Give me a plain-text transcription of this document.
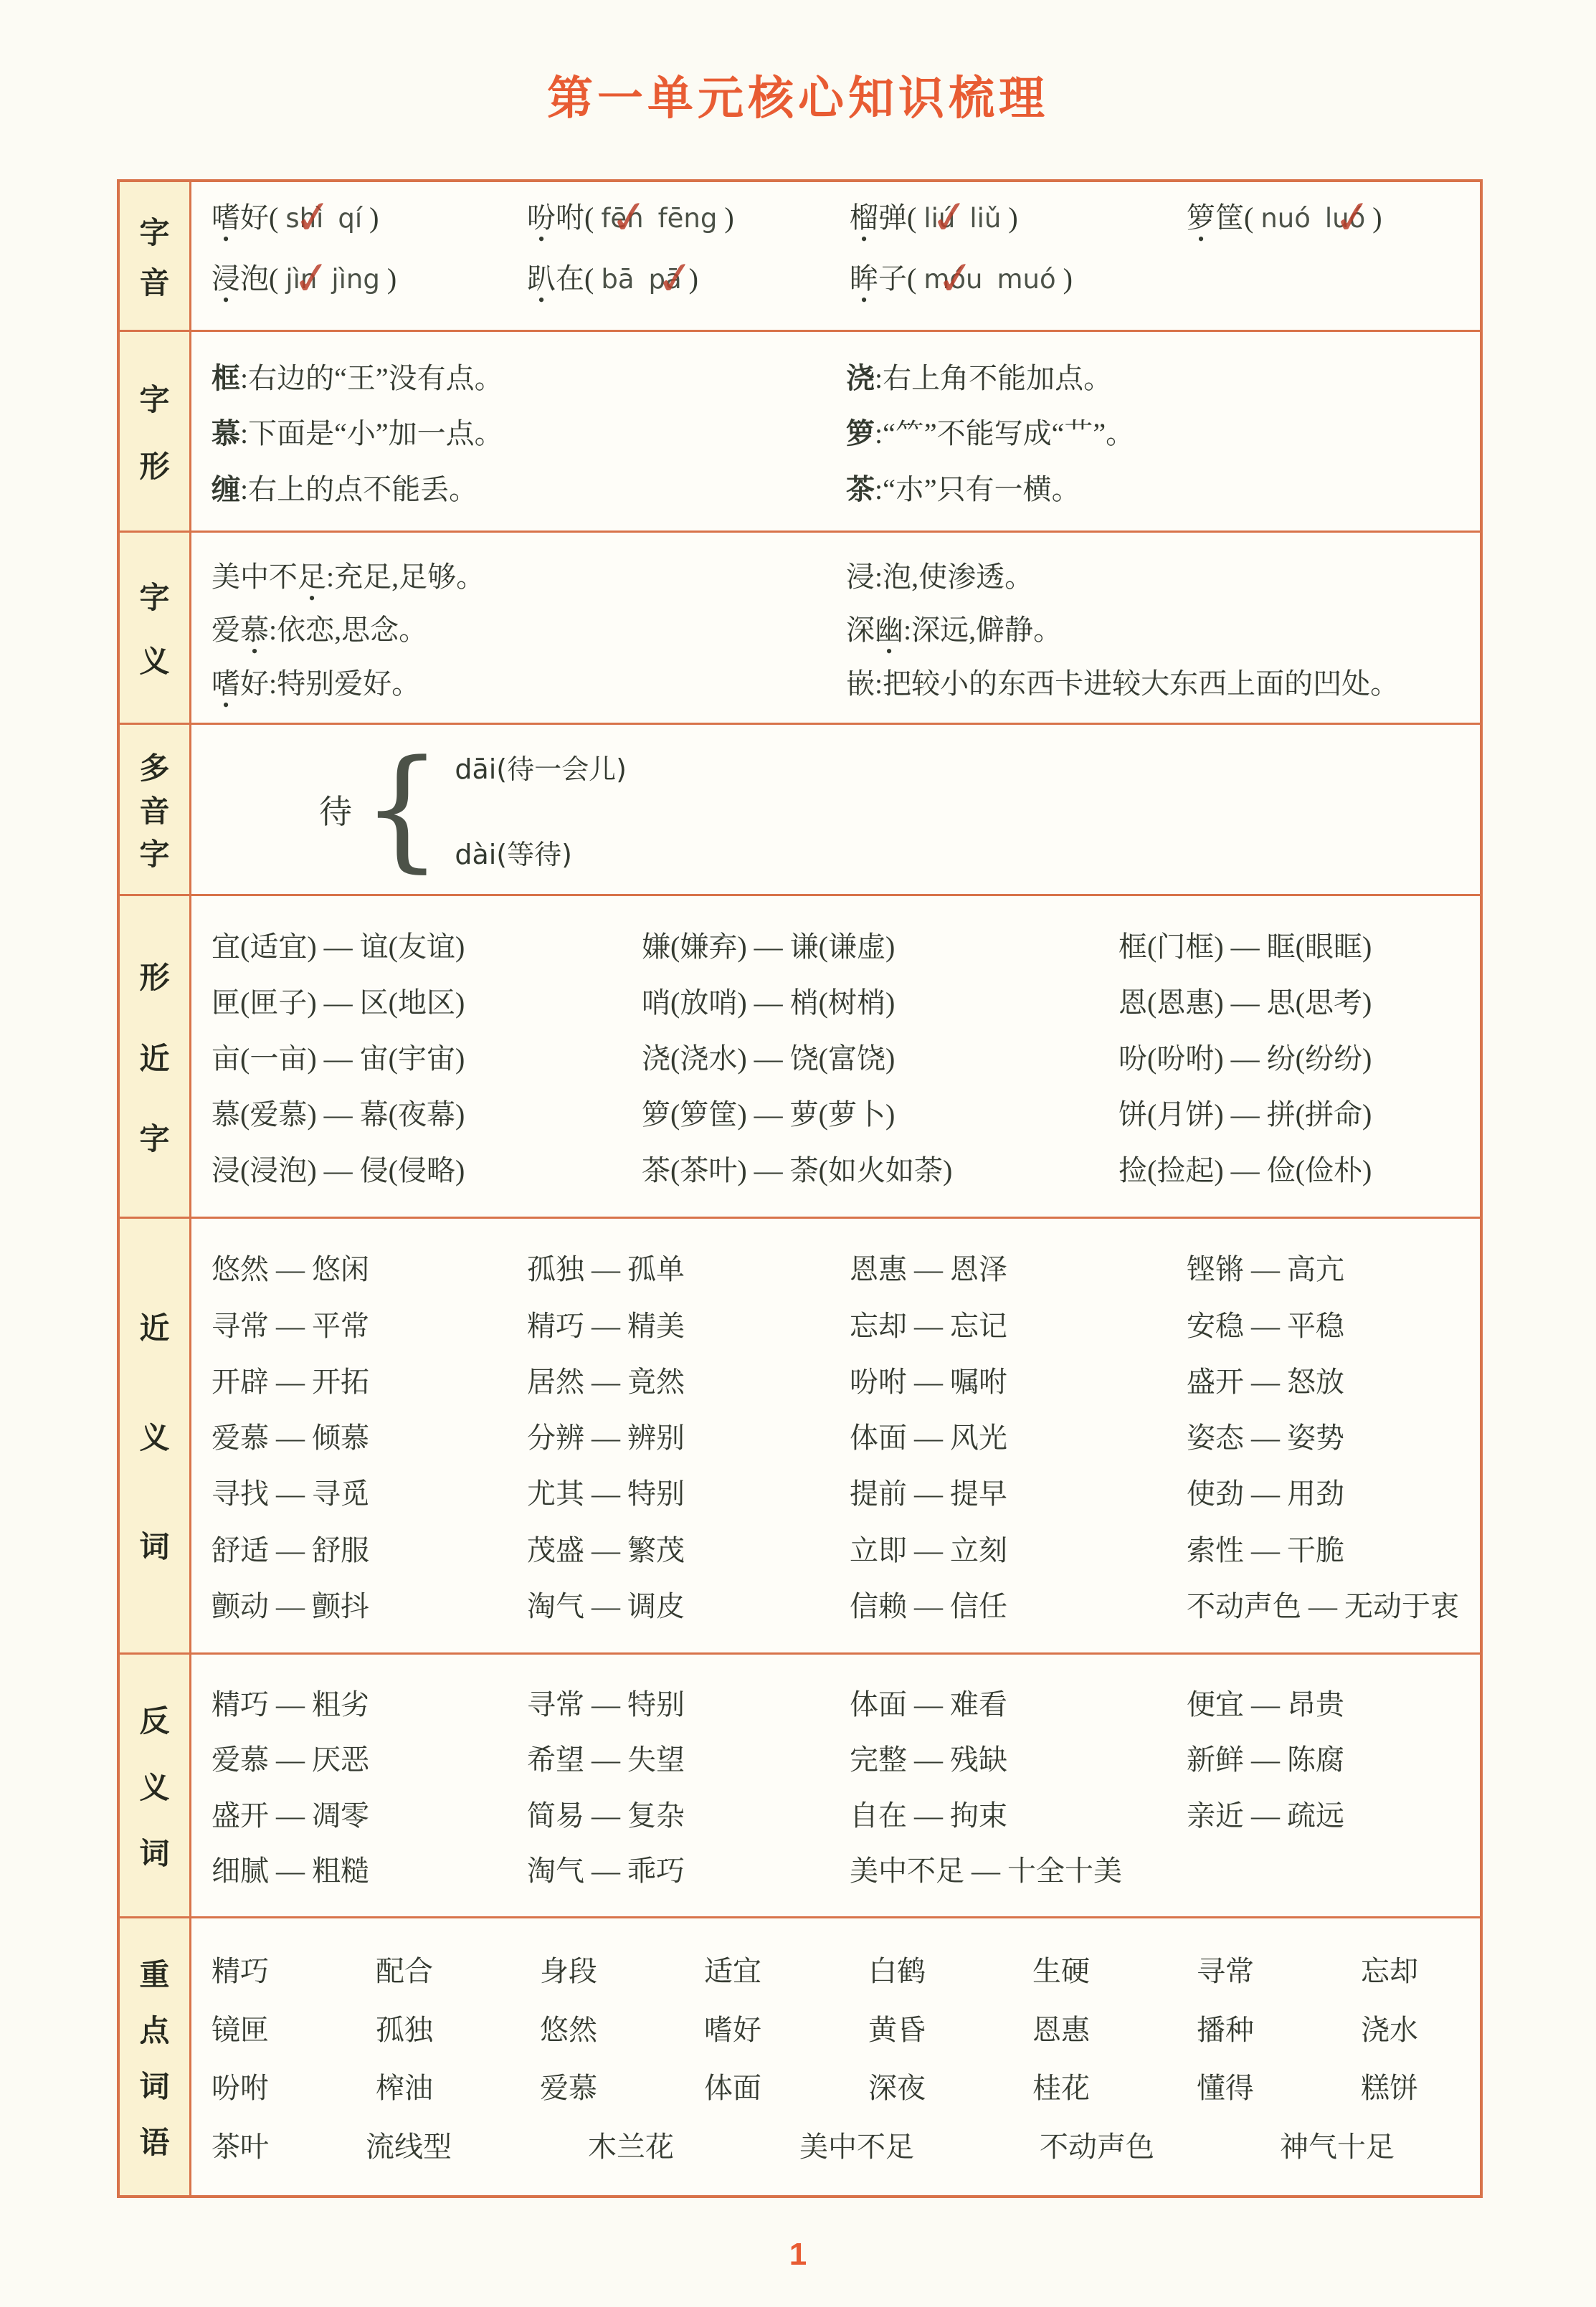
第一单元核心知识梳理
字
音
嗜好( shì ✓ qí )	吩咐( fēn ✓ fēng )	榴弹( liú ✓ liǔ )	箩筐( nuó luó ✓ )
浸泡( jìn ✓ jìng )	趴在( bā pā ✓ )	眸子( móu ✓ muó )
字
形
框:右边的“王”没有点。	浇:右上角不能加点。
慕:下面是“小”加一点。	箩:“⺮”不能写成“艹”。
缠:右上的点不能丢。	茶:“朩”只有一横。
字
义
美中不足:充足,足够。	浸:泡,使渗透。
爱慕:依恋,思念。	深幽:深远,僻静。
嗜好:特别爱好。	嵌:把较小的东西卡进较大东西上面的凹处。
多
音
字
待 { dāi(待一会儿)
dài(等待)
形
近
字
宜(适宜) — 谊(友谊)	嫌(嫌弃) — 谦(谦虚)	框(门框) — 眶(眼眶)
匣(匣子) — 区(地区)	哨(放哨) — 梢(树梢)	恩(恩惠) — 思(思考)
亩(一亩) — 宙(宇宙)	浇(浇水) — 饶(富饶)	吩(吩咐) — 纷(纷纷)
慕(爱慕) — 幕(夜幕)	箩(箩筐) — 萝(萝卜)	饼(月饼) — 拼(拼命)
浸(浸泡) — 侵(侵略)	茶(茶叶) — 荼(如火如荼)	捡(捡起) — 俭(俭朴)
近
义
词
悠然 — 悠闲	孤独 — 孤单	恩惠 — 恩泽	铿锵 — 高亢
寻常 — 平常	精巧 — 精美	忘却 — 忘记	安稳 — 平稳
开辟 — 开拓	居然 — 竟然	吩咐 — 嘱咐	盛开 — 怒放
爱慕 — 倾慕	分辨 — 辨别	体面 — 风光	姿态 — 姿势
寻找 — 寻觅	尤其 — 特别	提前 — 提早	使劲 — 用劲
舒适 — 舒服	茂盛 — 繁茂	立即 — 立刻	索性 — 干脆
颤动 — 颤抖	淘气 — 调皮	信赖 — 信任	不动声色 — 无动于衷
反
义
词
精巧 — 粗劣	寻常 — 特别	体面 — 难看	便宜 — 昂贵
爱慕 — 厌恶	希望 — 失望	完整 — 残缺	新鲜 — 陈腐
盛开 — 凋零	简易 — 复杂	自在 — 拘束	亲近 — 疏远
细腻 — 粗糙	淘气 — 乖巧	美中不足 — 十全十美
重
点
词
语
精巧	配合	身段	适宜	白鹤	生硬	寻常	忘却
镜匣	孤独	悠然	嗜好	黄昏	恩惠	播种	浇水
吩咐	榨油	爱慕	体面	深夜	桂花	懂得	糕饼
茶叶	流线型	木兰花	美中不足	不动声色	神气十足
1
